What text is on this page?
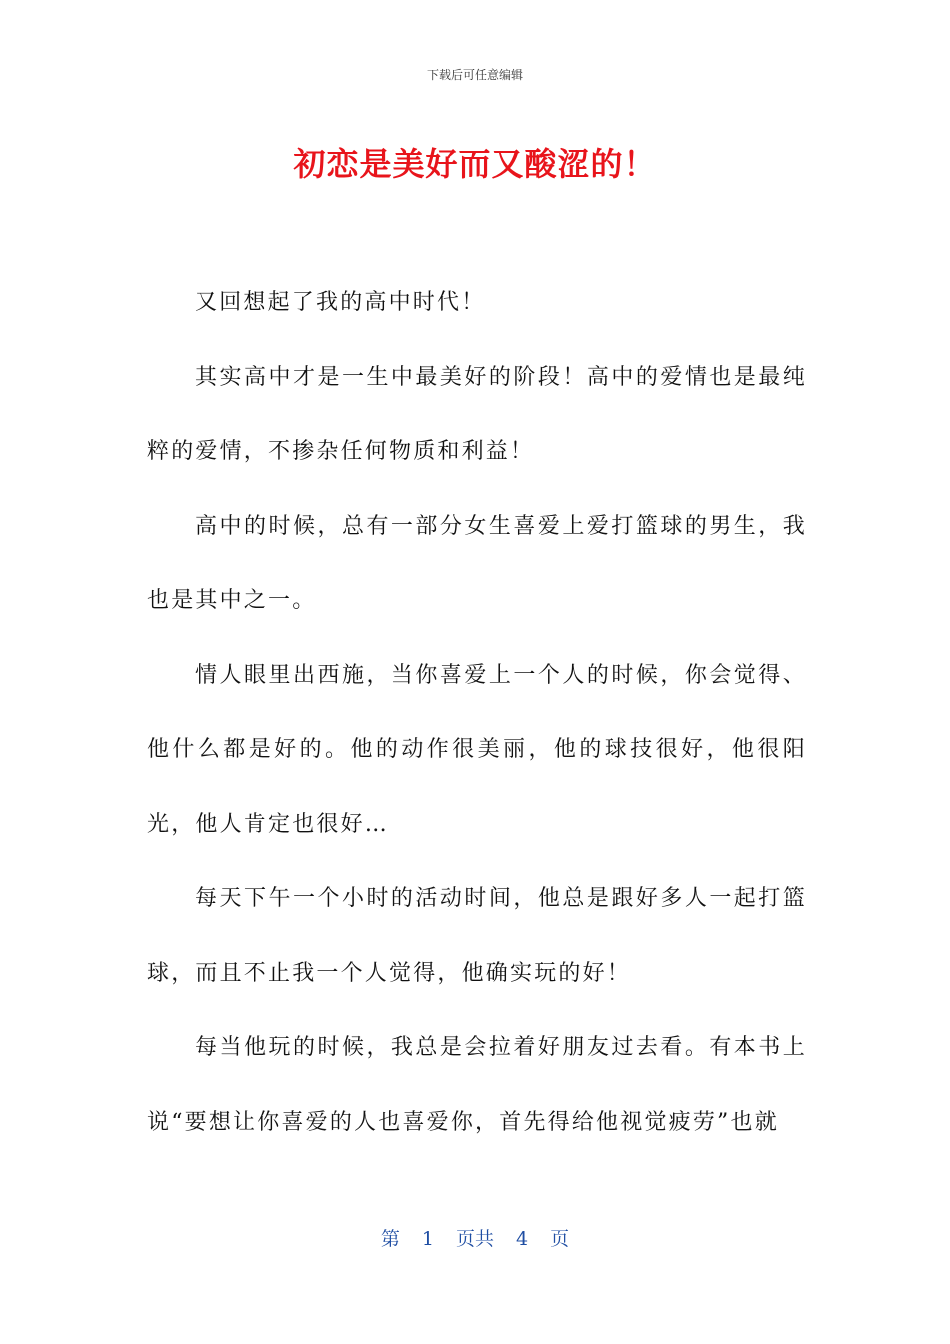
下载后可任意编辑
初恋是美好而又酸涩的！

又回想起了我的高中时代！

其实高中才是一生中最美好的阶段！高中的爱情也是最纯粹的爱情，不掺杂任何物质和利益！

高中的时候，总有一部分女生喜爱上爱打篮球的男生，我也是其中之一。

情人眼里出西施，当你喜爱上一个人的时候，你会觉得、他什么都是好的。他的动作很美丽，他的球技很好，他很阳光，他人肯定也很好…

每天下午一个小时的活动时间，他总是跟好多人一起打篮球，而且不止我一个人觉得，他确实玩的好！

每当他玩的时候，我总是会拉着好朋友过去看。有本书上说“要想让你喜爱的人也喜爱你，首先得给他视觉疲劳”也就

第 1 页共 4 页
